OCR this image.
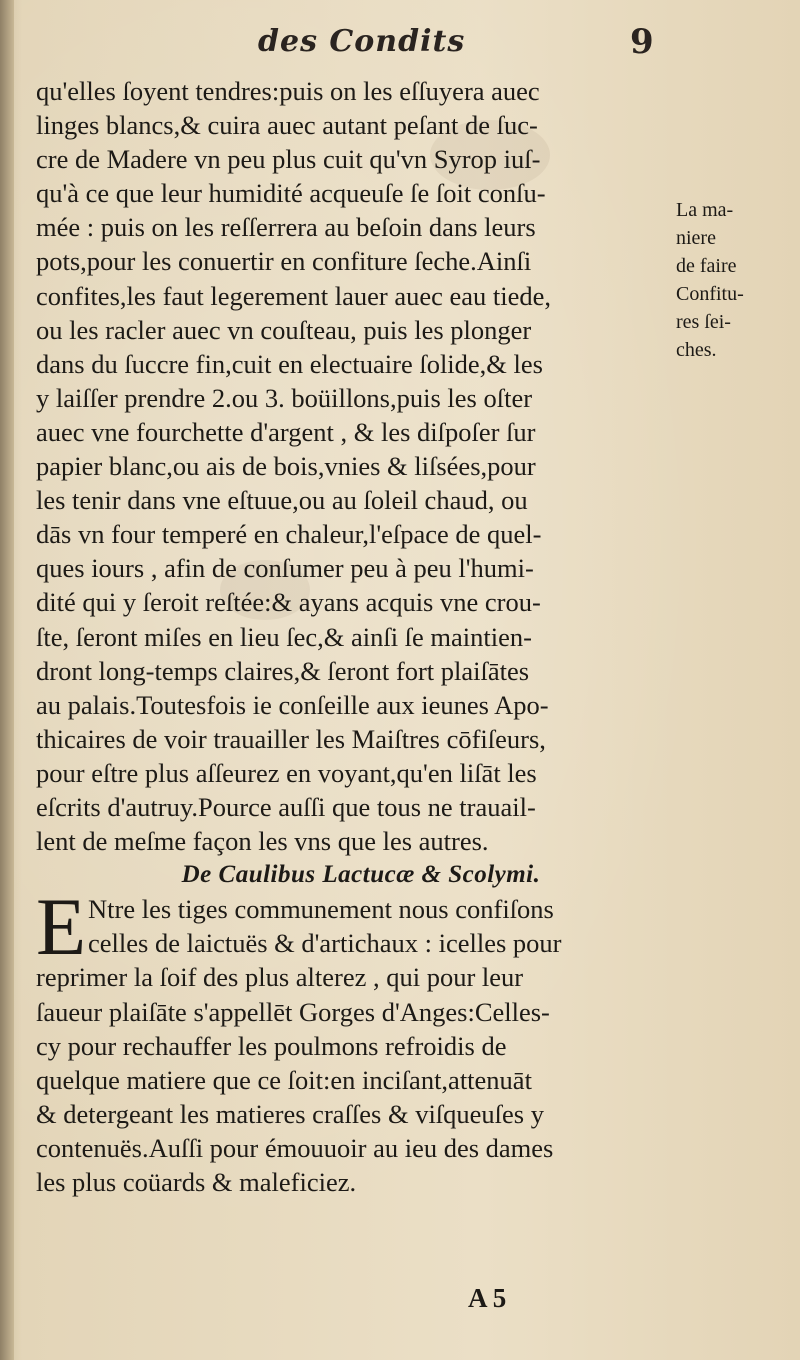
des Condits	9
qu'elles ſoyent tendres:puis on les eſſuyera auec
linges blancs,& cuira auec autant peſant de ſuc-
cre de Madere vn peu plus cuit qu'vn Syrop iuſ-
qu'à ce que leur humidité acqueuſe ſe ſoit conſu-
mée : puis on les reſſerrera au beſoin dans leurs
pots,pour les conuertir en confiture ſeche.Ainſi
confites,les faut legerement lauer auec eau tiede,
ou les racler auec vn couſteau, puis les plonger
dans du ſuccre fin,cuit en electuaire ſolide,& les
y laiſſer prendre 2.ou 3. boüillons,puis les oſter
auec vne fourchette d'argent , & les diſpoſer ſur
papier blanc,ou ais de bois,vnies & liſsées,pour
les tenir dans vne eſtuue,ou au ſoleil chaud, ou
dās vn four temperé en chaleur,l'eſpace de quel-
ques iours , afin de conſumer peu à peu l'humi-
dité qui y ſeroit reſtée:& ayans acquis vne crou-
ſte, ſeront miſes en lieu ſec,& ainſi ſe maintien-
dront long-temps claires,& ſeront fort plaiſātes
au palais.Toutesfois ie conſeille aux ieunes Apo-
thicaires de voir trauailler les Maiſtres cōfiſeurs,
pour eſtre plus aſſeurez en voyant,qu'en liſāt les
eſcrits d'autruy.Pource auſſi que tous ne trauail-
lent de meſme façon les vns que les autres.
De Caulibus Lactucæ & Scolymi.
E Ntre les tiges communement nous confiſons
celles de laictuës & d'artichaux : icelles pour
reprimer la ſoif des plus alterez , qui pour leur
ſaueur plaiſāte s'appellēt Gorges d'Anges:Celles-
cy pour rechauffer les poulmons refroidis de
quelque matiere que ce ſoit:en inciſant,attenuāt
& detergeant les matieres craſſes & viſqueuſes y
contenuës.Auſſi pour émouuoir au ieu des dames
les plus coüards & maleficiez.
La ma-
niere
de faire
Confitu-
res ſei-
ches.
A 5
